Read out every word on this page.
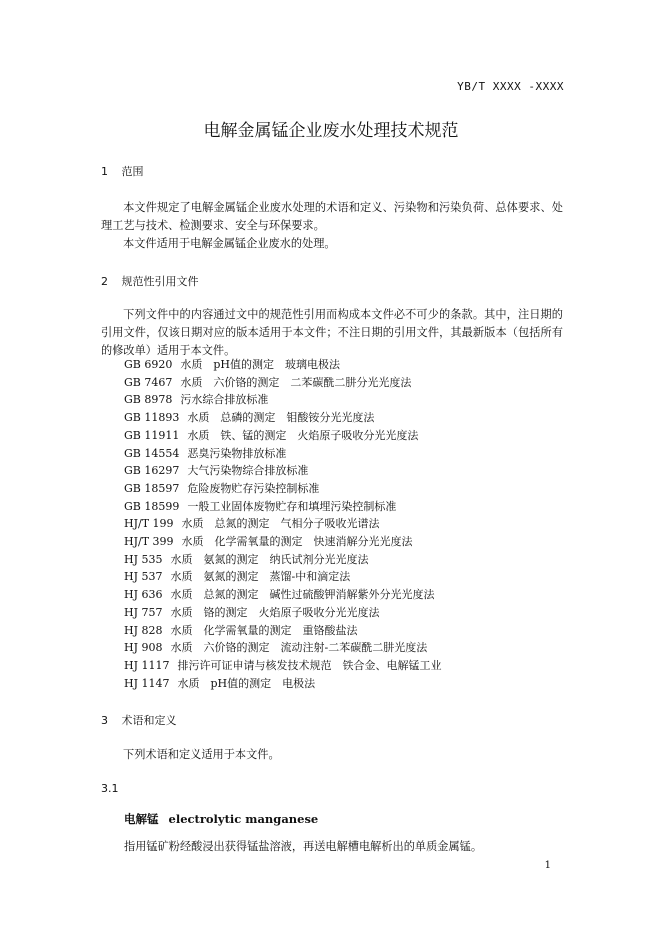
YB/T XXXX -XXXX
电解金属锰企业废水处理技术规范
1 范围
本文件规定了电解金属锰企业废水处理的术语和定义、污染物和污染负荷、总体要求、处理工艺与技术、检测要求、安全与环保要求。
本文件适用于电解金属锰企业废水的处理。
2 规范性引用文件
下列文件中的内容通过文中的规范性引用而构成本文件必不可少的条款。其中，注日期的引用文件，仅该日期对应的版本适用于本文件；不注日期的引用文件，其最新版本（包括所有的修改单）适用于本文件。
GB 6920 水质　pH值的测定　玻璃电极法
GB 7467 水质　六价铬的测定　二苯碳酰二肼分光光度法
GB 8978 污水综合排放标准
GB 11893 水质　总磷的测定　钼酸铵分光光度法
GB 11911 水质　铁、锰的测定　火焰原子吸收分光光度法
GB 14554 恶臭污染物排放标准
GB 16297 大气污染物综合排放标准
GB 18597 危险废物贮存污染控制标准
GB 18599 一般工业固体废物贮存和填埋污染控制标准
HJ/T 199 水质　总氮的测定　气相分子吸收光谱法
HJ/T 399 水质　化学需氧量的测定　快速消解分光光度法
HJ 535 水质　氨氮的测定　纳氏试剂分光光度法
HJ 537 水质　氨氮的测定　蒸馏-中和滴定法
HJ 636 水质　总氮的测定　碱性过硫酸钾消解紫外分光光度法
HJ 757 水质　铬的测定　火焰原子吸收分光光度法
HJ 828 水质　化学需氧量的测定　重铬酸盐法
HJ 908 水质　六价铬的测定　流动注射-二苯碳酰二肼光度法
HJ 1117 排污许可证申请与核发技术规范　铁合金、电解锰工业
HJ 1147 水质　pH值的测定　电极法
3 术语和定义
下列术语和定义适用于本文件。
3.1
电解锰 electrolytic manganese
指用锰矿粉经酸浸出获得锰盐溶液，再送电解槽电解析出的单质金属锰。
1
